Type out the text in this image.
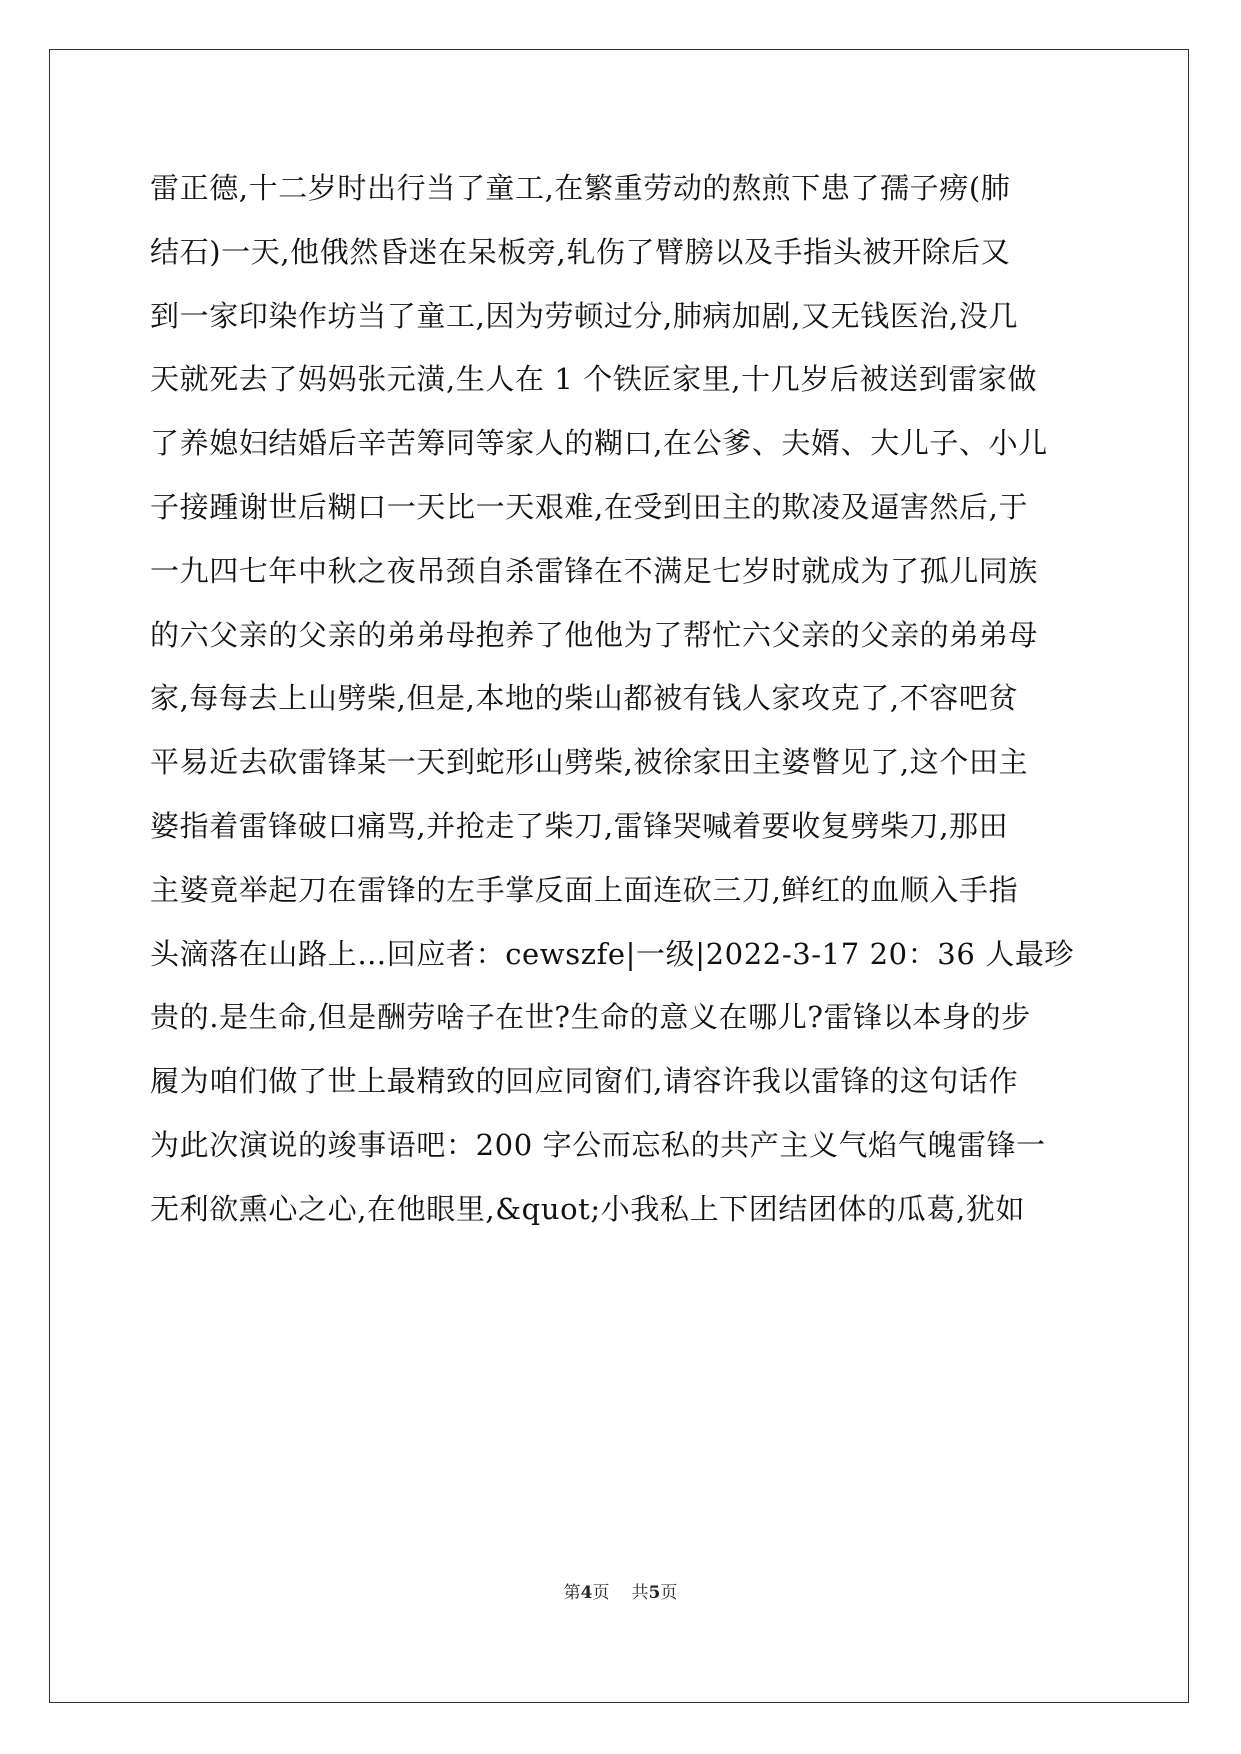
雷正德,十二岁时出行当了童工,在繁重劳动的熬煎下患了孺子痨(肺
结石)一天,他俄然昏迷在呆板旁,轧伤了臂膀以及手指头被开除后又
到一家印染作坊当了童工,因为劳顿过分,肺病加剧,又无钱医治,没几
天就死去了妈妈张元潢,生人在 1 个铁匠家里,十几岁后被送到雷家做
了养媳妇结婚后辛苦筹同等家人的糊口,在公爹、夫婿、大儿子、小儿
子接踵谢世后糊口一天比一天艰难,在受到田主的欺凌及逼害然后,于
一九四七年中秋之夜吊颈自杀雷锋在不满足七岁时就成为了孤儿同族
的六父亲的父亲的弟弟母抱养了他他为了帮忙六父亲的父亲的弟弟母
家,每每去上山劈柴,但是,本地的柴山都被有钱人家攻克了,不容吧贫
平易近去砍雷锋某一天到蛇形山劈柴,被徐家田主婆瞥见了,这个田主
婆指着雷锋破口痛骂,并抢走了柴刀,雷锋哭喊着要收复劈柴刀,那田
主婆竟举起刀在雷锋的左手掌反面上面连砍三刀,鲜红的血顺入手指
头滴落在山路上…回应者：cewszfe|一级|2022-3-17 20：36 人最珍
贵的.是生命,但是酬劳啥子在世?生命的意义在哪儿?雷锋以本身的步
履为咱们做了世上最精致的回应同窗们,请容许我以雷锋的这句话作
为此次演说的竣事语吧：200 字公而忘私的共产主义气焰气魄雷锋一
无利欲熏心之心,在他眼里,&quot;小我私上下团结团体的瓜葛,犹如
第4页 共5页
